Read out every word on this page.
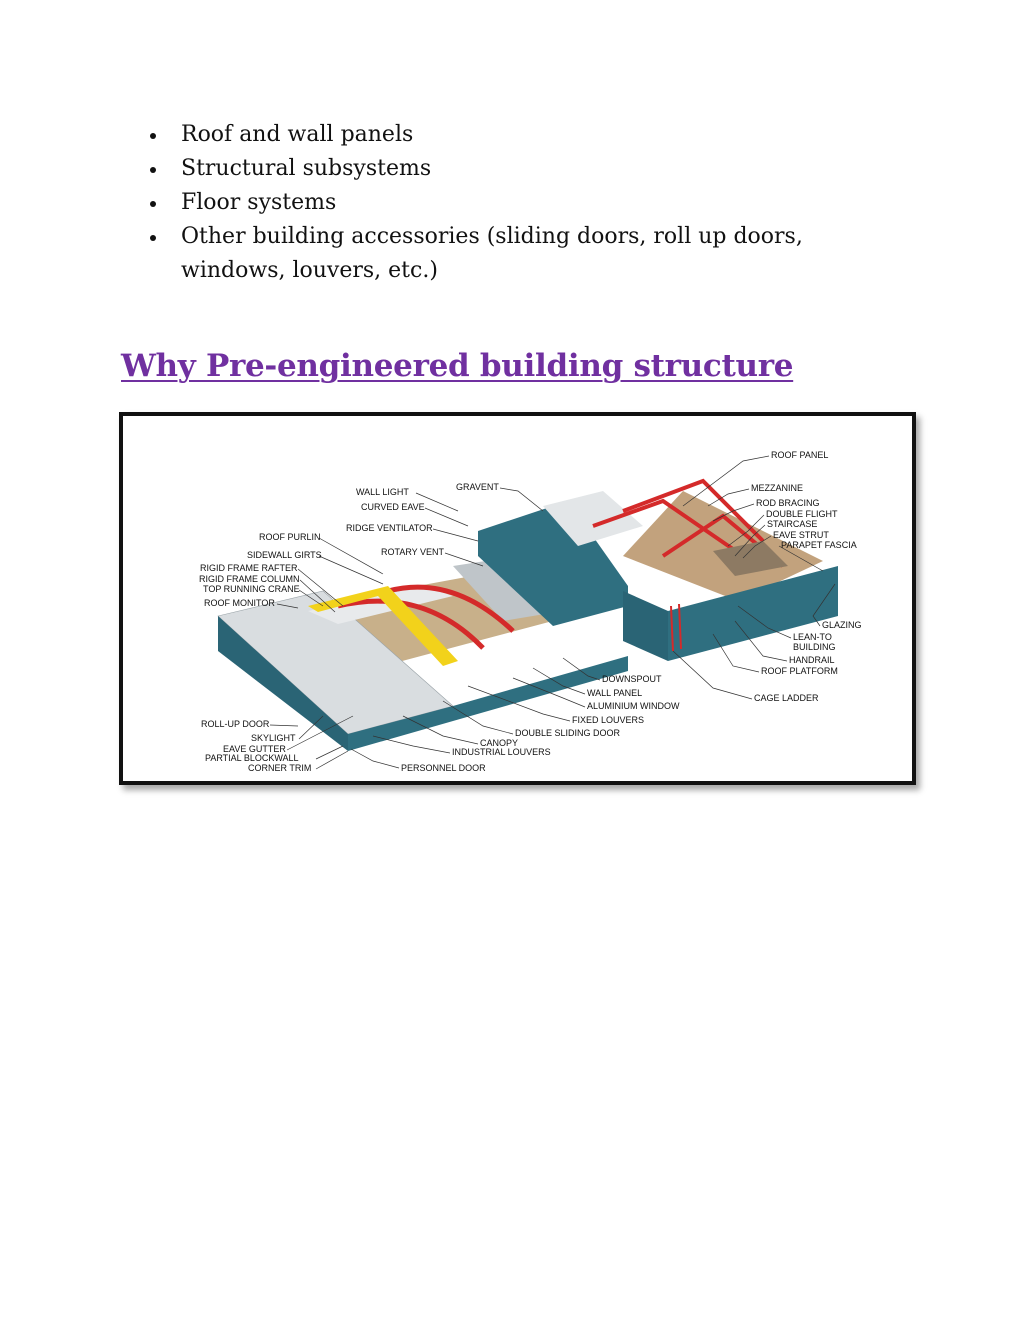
Roof and wall panels
Structural subsystems
Floor systems
Other building accessories (sliding doors, roll up doors, windows, louvers, etc.)
Why Pre-engineered building structure
ROOF PANEL
GRAVENT
WALL LIGHT	MEZZANINE
CURVED EAVE	ROD BRACING
DOUBLE FLIGHT
RIDGE VENTILATOR	STAIRCASE
ROOF PURLIN	EAVE STRUT
ROTARY VENT
PARAPET FASCIA
SIDEWALL GIRTS
RIGID FRAME RAFTER
RIGID FRAME COLUMN
TOP RUNNING CRANE
ROOF MONITOR
GLAZING
LEAN-TO
BUILDING
HANDRAIL
ROOF PLATFORM
DOWNSPOUT
WALL PANEL	CAGE LADDER
ALUMINIUM WINDOW
ROLL-UP DOOR	FIXED LOUVERS
DOUBLE SLIDING DOOR
SKYLIGHT	CANOPY
EAVE GUTTER	INDUSTRIAL LOUVERS
PARTIAL BLOCKWALL
CORNER TRIM	PERSONNEL DOOR
